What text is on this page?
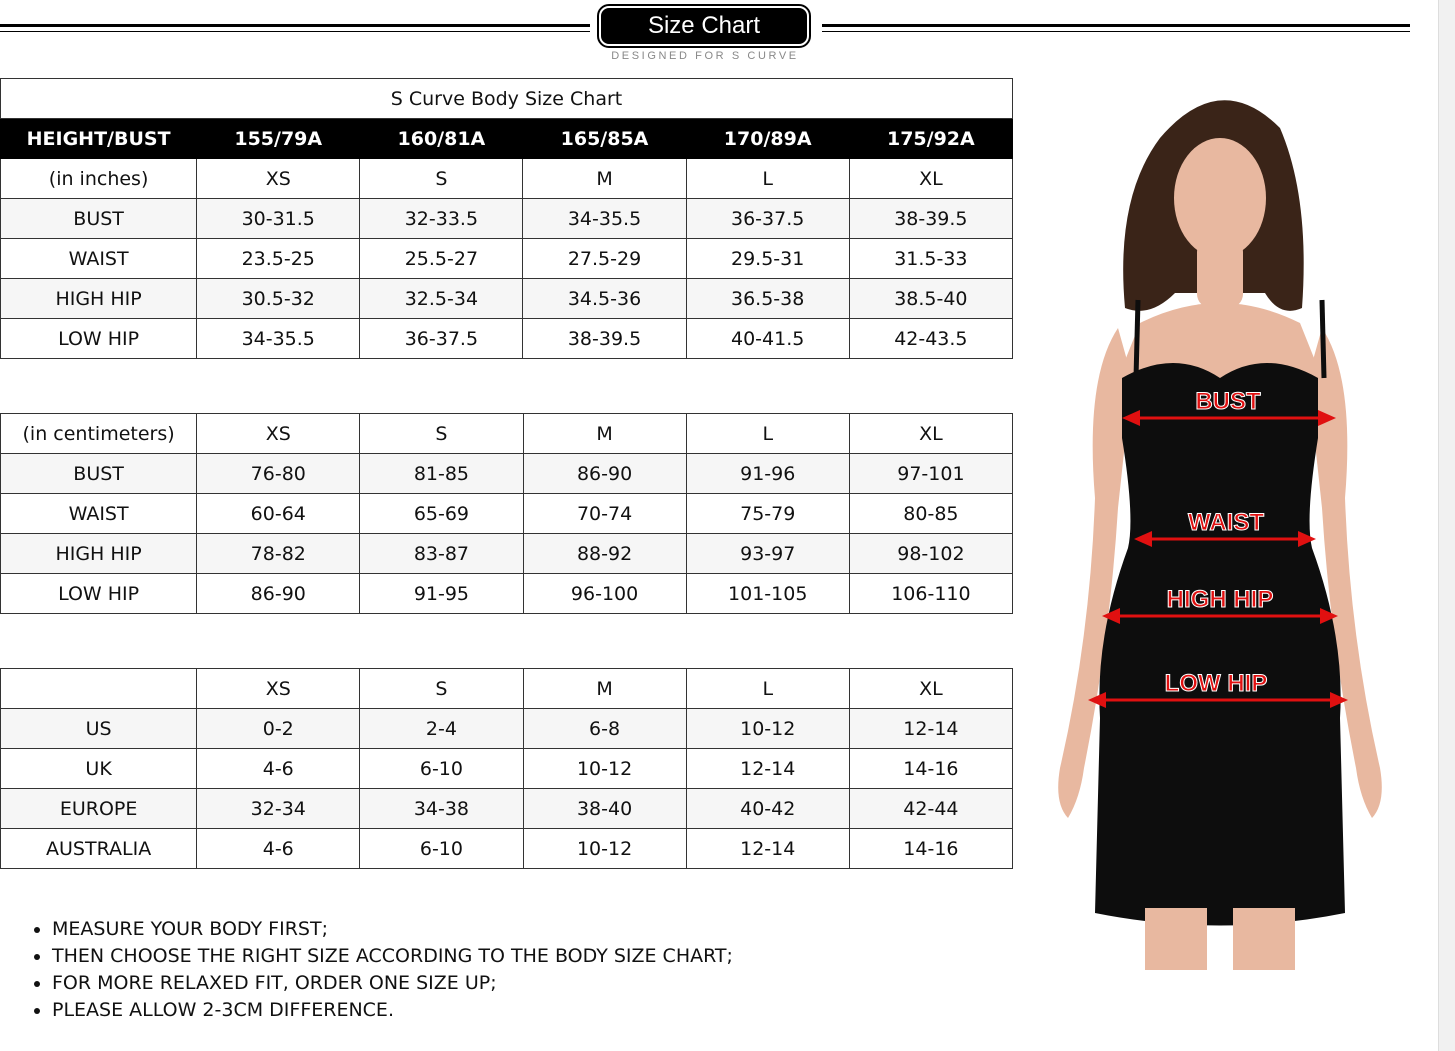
Size Chart
DESIGNED FOR S CURVE
S Curve Body Size Chart					
HEIGHT/BUST	155/79A	160/81A	165/85A	170/89A	175/92A
(in inches)	XS	S	M	L	XL
BUST	30-31.5	32-33.5	34-35.5	36-37.5	38-39.5
WAIST	23.5-25	25.5-27	27.5-29	29.5-31	31.5-33
HIGH HIP	30.5-32	32.5-34	34.5-36	36.5-38	38.5-40
LOW HIP	34-35.5	36-37.5	38-39.5	40-41.5	42-43.5
(in centimeters)	XS	S	M	L	XL
BUST	76-80	81-85	86-90	91-96	97-101
WAIST	60-64	65-69	70-74	75-79	80-85
HIGH HIP	78-82	83-87	88-92	93-97	98-102
LOW HIP	86-90	91-95	96-100	101-105	106-110
	XS	S	M	L	XL
US	0-2	2-4	6-8	10-12	12-14
UK	4-6	6-10	10-12	12-14	14-16
EUROPE	32-34	34-38	38-40	40-42	42-44
AUSTRALIA	4-6	6-10	10-12	12-14	14-16
• MEASURE YOUR BODY FIRST;
• THEN CHOOSE THE RIGHT SIZE ACCORDING TO THE BODY SIZE CHART;
• FOR MORE RELAXED FIT, ORDER ONE SIZE UP;
• PLEASE ALLOW 2-3CM DIFFERENCE.
BUST
WAIST
HIGH HIP
LOW HIP
